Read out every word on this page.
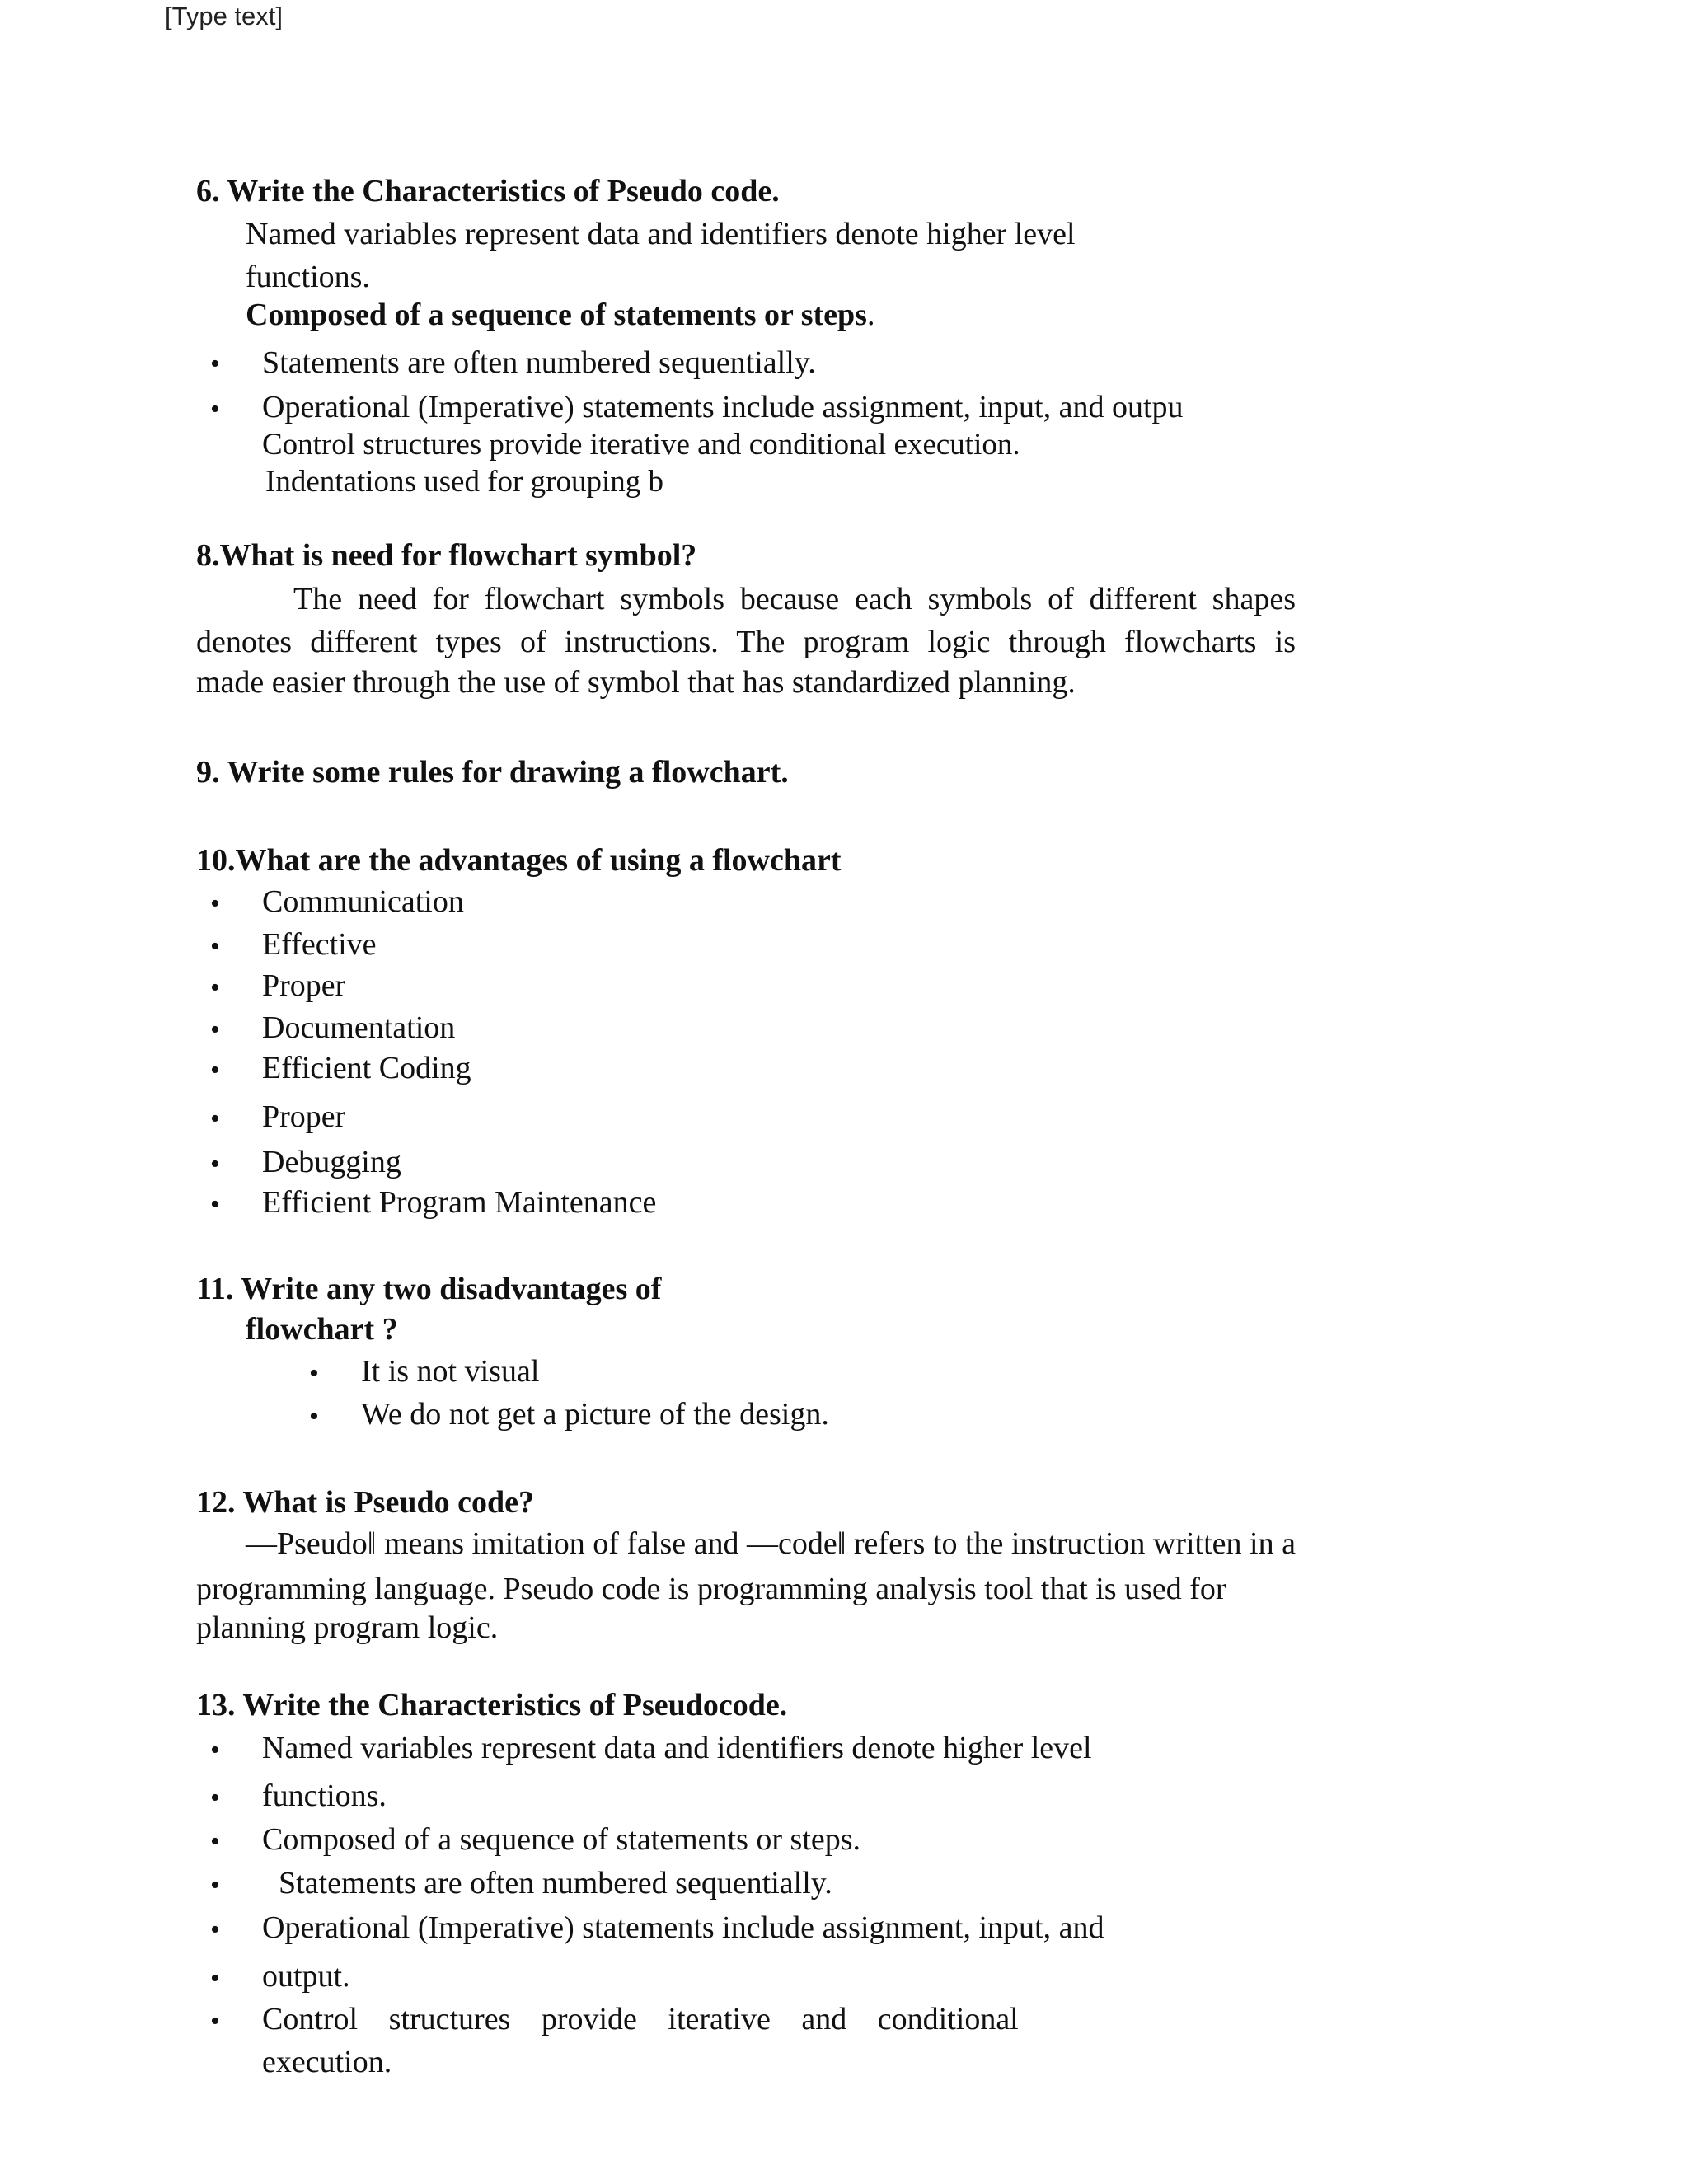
[Type text]
6. Write the Characteristics of Pseudo code.
Named variables represent data and identifiers denote higher level
functions.
Composed of a sequence of statements or steps.
• Statements are often numbered sequentially.
• Operational (Imperative) statements include assignment, input, and outpu
Control structures provide iterative and conditional execution.
Indentations used for grouping b
8.What is need for flowchart symbol?
The need for flowchart symbols because each symbols of different shapes
denotes different types of instructions. The program logic through flowcharts is
made easier through the use of symbol that has standardized planning.
9. Write some rules for drawing a flowchart.
10.What are the advantages of using a flowchart
• Communication
• Effective
• Proper
• Documentation
• Efficient Coding
• Proper
• Debugging
• Efficient Program Maintenance
11. Write any two disadvantages of
flowchart ?
• It is not visual
• We do not get a picture of the design.
12. What is Pseudo code?
—Pseudo‖ means imitation of false and —code‖ refers to the instruction written in a
programming language. Pseudo code is programming analysis tool that is used for
planning program logic.
13. Write the Characteristics of Pseudocode.
• Named variables represent data and identifiers denote higher level
• functions.
• Composed of a sequence of statements or steps.
• Statements are often numbered sequentially.
• Operational (Imperative) statements include assignment, input, and
• output.
• Control structures provide iterative and conditional
execution.
